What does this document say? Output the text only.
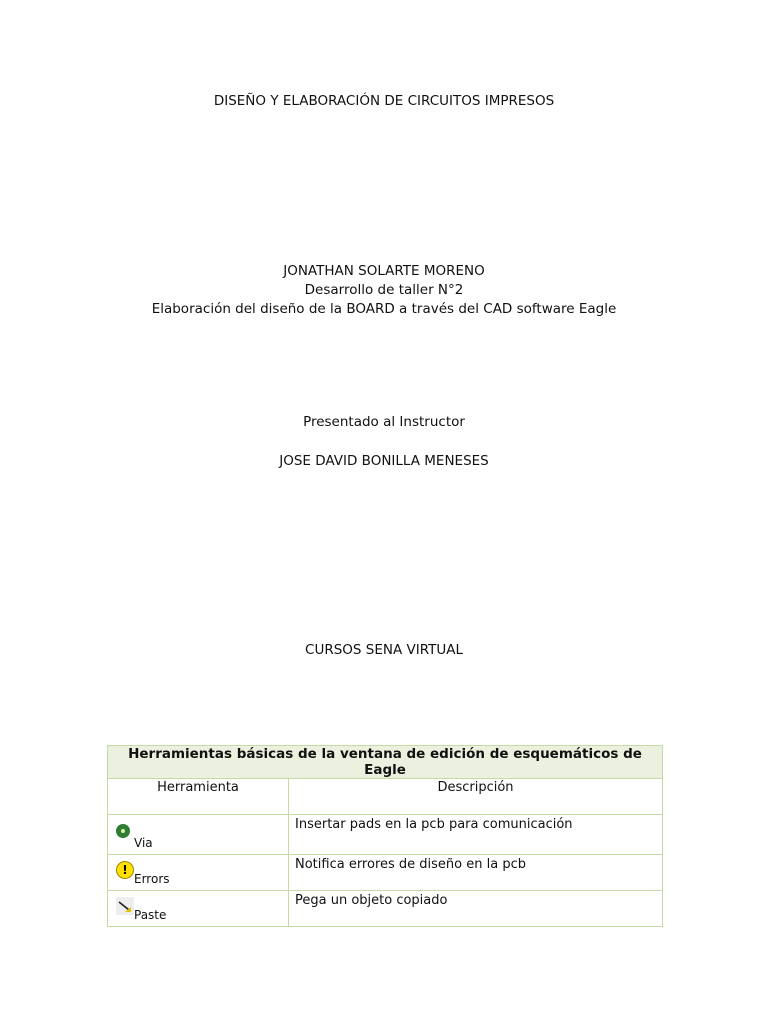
DISEÑO Y ELABORACIÓN DE CIRCUITOS IMPRESOS
JONATHAN SOLARTE MORENO
Desarrollo de taller N°2
Elaboración del diseño de la BOARD a través del CAD software Eagle
Presentado al Instructor
JOSE DAVID BONILLA MENESES
CURSOS SENA VIRTUAL
Herramientas básicas de la ventana de edición de esquemáticos de Eagle	
Herramienta	Descripción

Via	Insertar pads en la pcb para comunicación

!
Errors	Notifica errores de diseño en la pcb

Paste	Pega un objeto copiado
